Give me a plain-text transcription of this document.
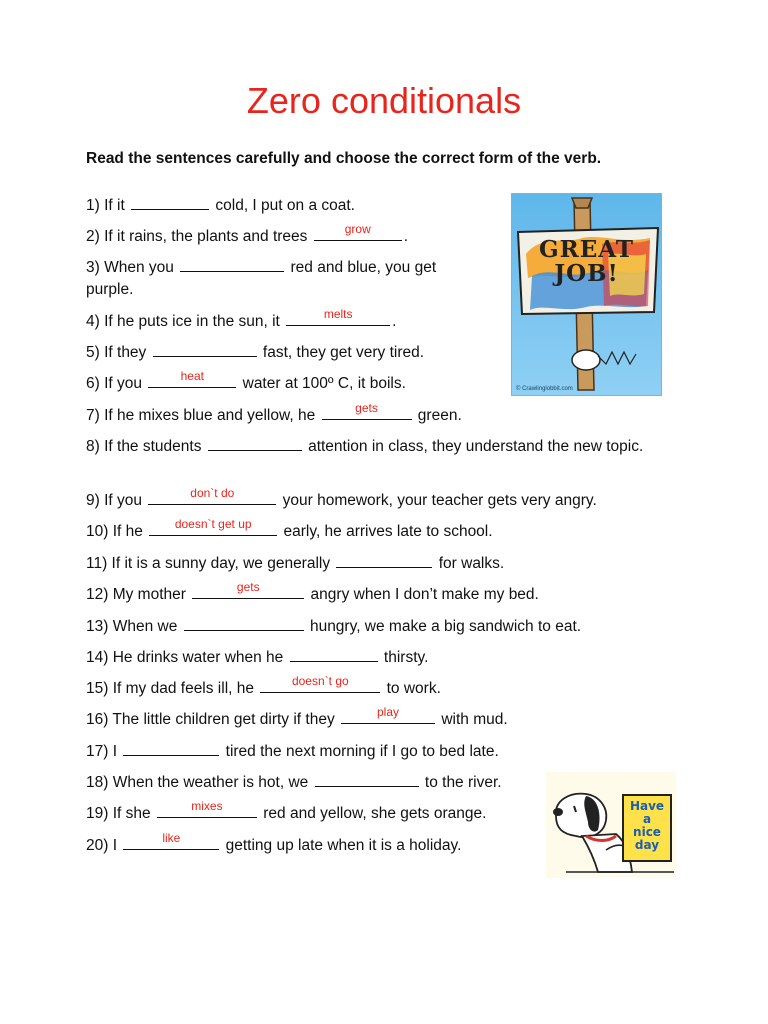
Zero conditionals
Read the sentences carefully and choose the correct form of the verb.
1) If it	cold, I put on a coat.
2) If it rains, the plants and trees	grow	.
3) When you	red and blue, you get purple.
4) If he puts ice in the sun, it	melts	.
5) If they	fast, they get very tired.
6) If you	heat	water at 100º C, it boils.
7) If he mixes blue and yellow, he	gets	green.
8) If the students	attention in class, they understand the new topic.
9) If you	don`t do	your homework, your teacher gets very angry.
10) If he	doesn`t get up	early, he arrives late to school.
11) If it is a sunny day, we generally	for walks.
12) My mother	gets	angry when I don’t make my bed.
13) When we	hungry, we make a big sandwich to eat.
14) He drinks water when he	thirsty.
15) If my dad feels ill, he	doesn`t go	to work.
16) The little children get dirty if they	play	with mud.
17) I	tired the next morning if I go to bed late.
18) When the weather is hot, we	to the river.
19) If she	mixes	red and yellow, she gets orange.
20) I	like	getting up late when it is a holiday.
GREAT
JOB!
© Crawlinglobbit.com
Have
a
nice
day
